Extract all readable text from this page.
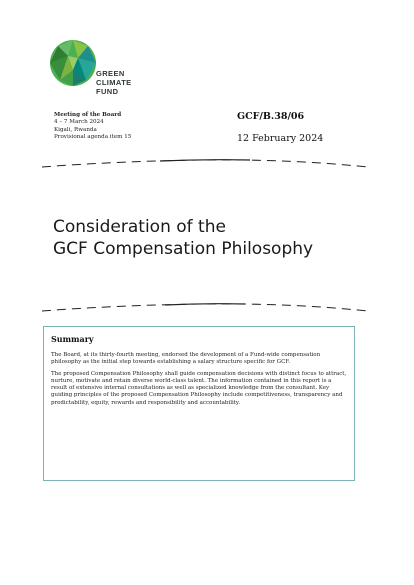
GREEN
CLIMATE
FUND
Meeting of the Board
4 – 7 March 2024
Kigali, Rwanda
Provisional agenda item 15
GCF/B.38/06
12 February 2024
Consideration of the
GCF Compensation Philosophy
Summary

The Board, at its thirty-fourth meeting, endorsed the development of a Fund-wide compensation philosophy as the initial step towards establishing a salary structure specific for GCF.

The proposed Compensation Philosophy shall guide compensation decisions with distinct focus to attract, nurture, motivate and retain diverse world-class talent. The information contained in this report is a result of extensive internal consultations as well as specialized knowledge from the consultant. Key guiding principles of the proposed Compensation Philosophy include competitiveness, transparency and predictability, equity, rewards and responsibility and accountability.
